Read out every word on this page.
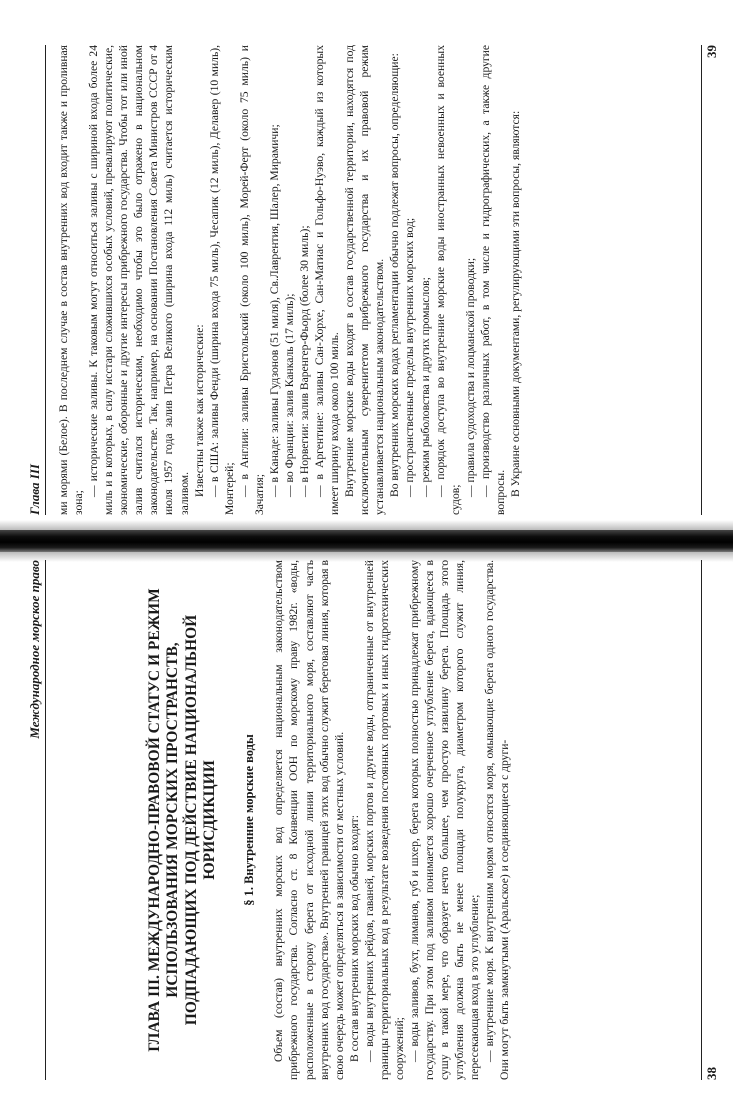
Международное морское право	ГЛАВА III. МЕЖДУНАРОДНО-ПРАВОВОЙ СТАТУС И РЕЖИМ ИСПОЛЬЗОВАНИЯ МОРСКИХ ПРОСТРАНСТВ, ПОДПАДАЮЩИХ ПОД ДЕЙСТВИЕ НАЦИОНАЛЬНОЙ ЮРИСДИКЦИИ § 1. Внутренние морские воды Объем (состав) внутренних морских вод определяется национальным законодательством прибрежного государства. Согласно ст. 8 Конвенции ООН по морскому праву 1982г. «воды, расположенные в сторону берега от исходной линии территориального моря, составляют часть внутренних вод государства». Внутренней границей этих вод обычно служит береговая линия, которая в свою очередь может определяться в зависимости от местных условий. В состав внутренних морских вод обычно входят: — воды внутренних рейдов, гаваней, морских портов и другие воды, отграниченные от внутренней границы территориальных вод в результате возведения постоянных портовых и иных гидротехнических сооружений; — воды заливов, бухт, лиманов, губ и шхер, берега которых полностью принадлежат прибрежному государству. При этом под заливом понимается хорошо очерченное углубление берега, вдающееся в сушу в такой мере, что образует нечто большее, чем простую извилину берега. Площадь этого углубления должна быть не менее площади полукруга, диаметром которого служит линия, пересекающая вход в это углубление; — внутренние моря. К внутренним морям относятся моря, омывающие берега одного государства. Они могут быть замкнутыми (Аральское) и соединяющиеся с други-	38
Глава III	ми морями (Белое). В последнем случае в состав внутренних вод входит также и проливная зона;

— исторические заливы. К таковым могут относиться заливы с шириной входа более 24 миль и в которых, в силу исстари сложившихся особых условий, превалируют политические, экономические, оборонные и другие интересы прибрежного государства. Чтобы тот или иной залив считался историческим, необходимо чтобы это было отражено в национальном законодательстве. Так, например, на основании Постановления Совета Министров СССР от 4 июля 1957 года залив Петра Великого (ширина входа 112 миль) считается историческим заливом. Известны также как исторические: — в США: заливы Фенди (ширина входа 75 миль), Чесапик (12 миль), Делавер (10 миль), Монтерей; — в Англии: заливы Бристольский (около 100 миль), Морей-Ферт (около 75 миль) и Зачатия; — в Канаде: заливы Гудзонов (51 миля), Св.Лаврентия, Шалер, Мирамичи; — во Франции: залив Канкаль (17 миль); — в Норвегии: залив Варенгер-Фьорд (более 30 миль); — в Аргентине: заливы Сан-Хорхе, Сан-Матиас и Гольфо-Нуэво, каждый из которых имеет ширину входа около 100 миль. Внутренние морские воды входят в состав государственной территории, находятся под исключительным суверенитетом прибрежного государства и их правовой режим устанавливается национальным законодательством. Во внутренних морских водах регламентации обычно подлежат вопросы, определяющие: — пространственные пределы внутренних морских вод; — режим рыболовства и других промыслов; — порядок доступа во внутренние морские воды иностранных невоенных и военных судов;

— правила судоходства и лоцманской проводки; — производство различных работ, в том числе и гидрографических, а также другие вопросы. В Украине основными документами, регулирующими эти вопросы, являются:

39
